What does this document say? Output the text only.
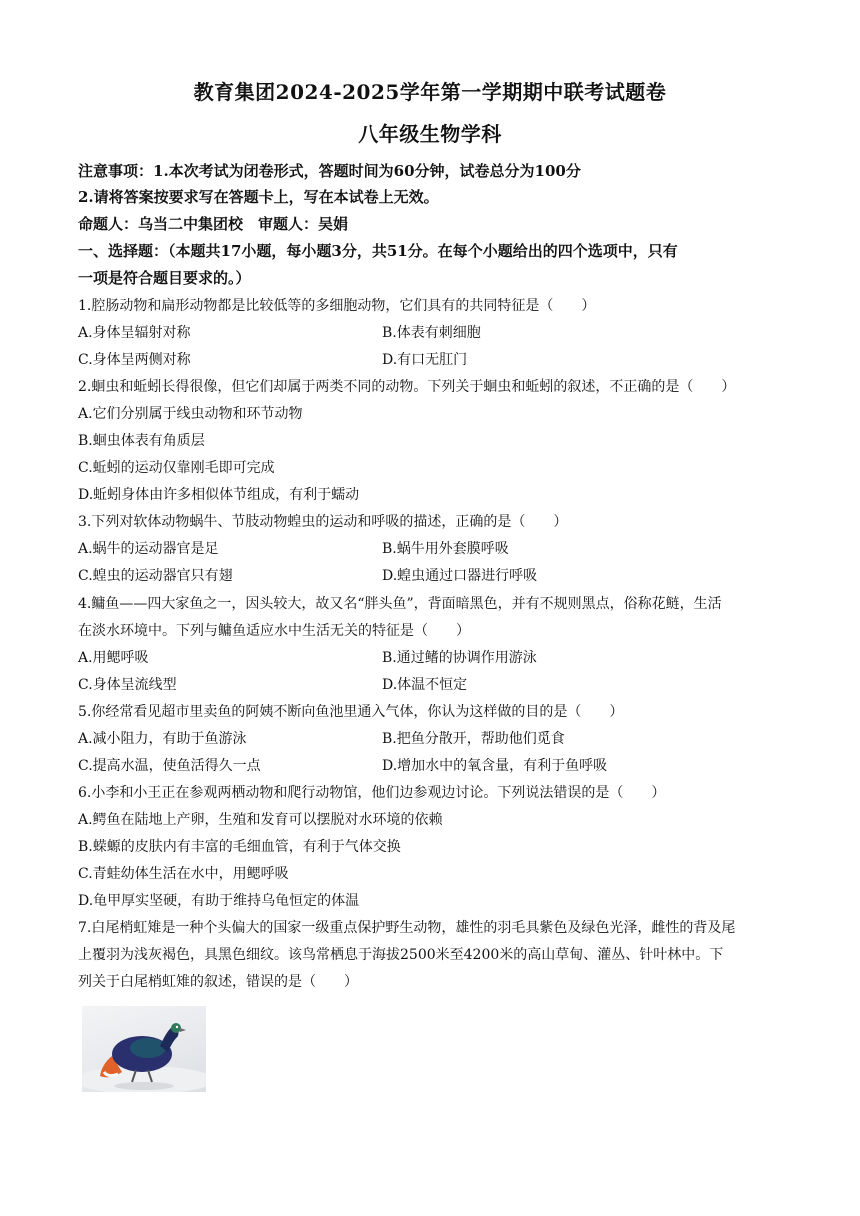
教育集团2024-2025学年第一学期期中联考试题卷
八年级生物学科
注意事项：1.本次考试为闭卷形式，答题时间为60分钟，试卷总分为100分
2.请将答案按要求写在答题卡上，写在本试卷上无效。
命题人：乌当二中集团校　审题人：吴娟
一、选择题：（本题共17小题，每小题3分，共51分。在每个小题给出的四个选项中，只有
一项是符合题目要求的。）
1.腔肠动物和扁形动物都是比较低等的多细胞动物，它们具有的共同特征是（　　）
A.身体呈辐射对称	B.体表有刺细胞
C.身体呈两侧对称	D.有口无肛门
2.蛔虫和蚯蚓长得很像，但它们却属于两类不同的动物。下列关于蛔虫和蚯蚓的叙述，不正确的是（　　）
A.它们分别属于线虫动物和环节动物
B.蛔虫体表有角质层
C.蚯蚓的运动仅靠刚毛即可完成
D.蚯蚓身体由许多相似体节组成，有利于蠕动
3.下列对软体动物蜗牛、节肢动物蝗虫的运动和呼吸的描述，正确的是（　　）
A.蜗牛的运动器官是足	B.蜗牛用外套膜呼吸
C.蝗虫的运动器官只有翅	D.蝗虫通过口器进行呼吸
4.鳙鱼——四大家鱼之一，因头较大，故又名“胖头鱼”，背面暗黑色，并有不规则黑点，俗称花鲢，生活
在淡水环境中。下列与鳙鱼适应水中生活无关的特征是（　　）
A.用鳃呼吸	B.通过鳍的协调作用游泳
C.身体呈流线型	D.体温不恒定
5.你经常看见超市里卖鱼的阿姨不断向鱼池里通入气体，你认为这样做的目的是（　　）
A.减小阻力，有助于鱼游泳	B.把鱼分散开，帮助他们觅食
C.提高水温，使鱼活得久一点	D.增加水中的氧含量，有利于鱼呼吸
6.小李和小王正在参观两栖动物和爬行动物馆，他们边参观边讨论。下列说法错误的是（　　）
A.鳄鱼在陆地上产卵，生殖和发育可以摆脱对水环境的依赖
B.蝾螈的皮肤内有丰富的毛细血管，有利于气体交换
C.青蛙幼体生活在水中，用鳃呼吸
D.龟甲厚实坚硬，有助于维持乌龟恒定的体温
7.白尾梢虹雉是一种个头偏大的国家一级重点保护野生动物，雄性的羽毛具紫色及绿色光泽，雌性的背及尾
上覆羽为浅灰褐色，具黑色细纹。该鸟常栖息于海拔2500米至4200米的高山草甸、灌丛、针叶林中。下
列关于白尾梢虹雉的叙述，错误的是（　　）
